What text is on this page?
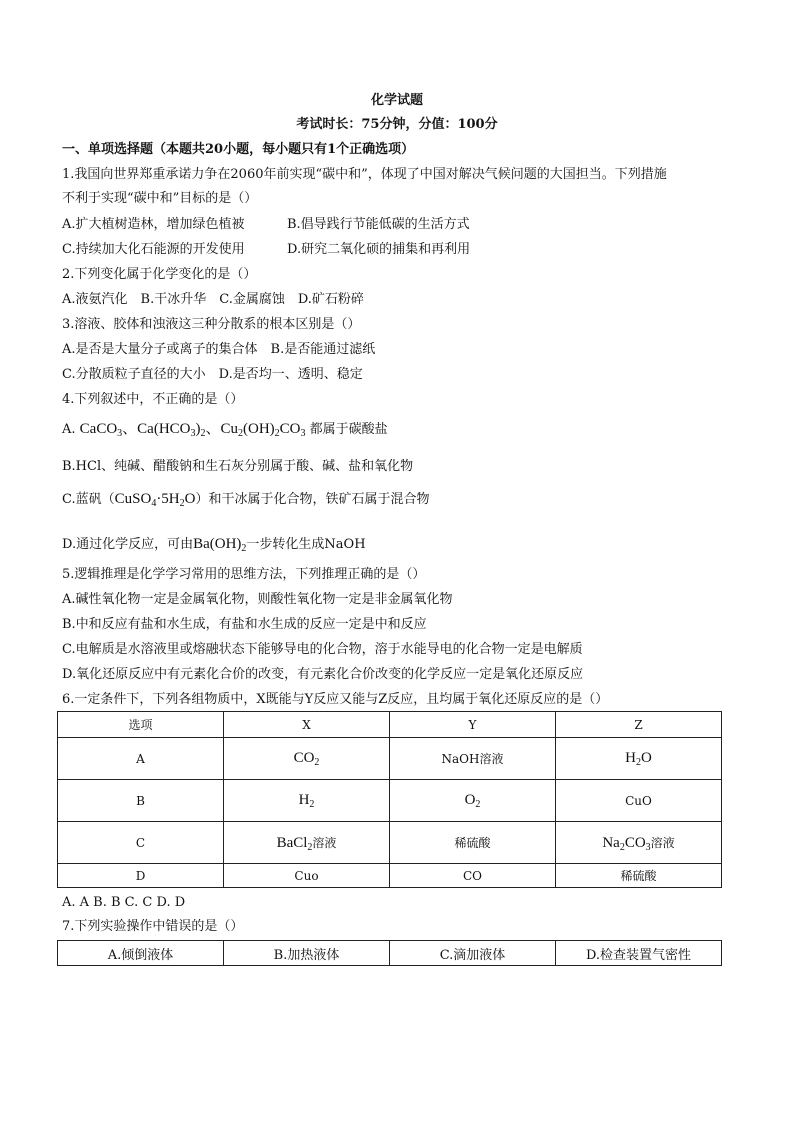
化学试题
考试时长：75分钟，分值：100分
一、单项选择题（本题共20小题，每小题只有1个正确选项）
1.我国向世界郑重承诺力争在2060年前实现“碳中和”，体现了中国对解决气候问题的大国担当。下列措施
不利于实现“碳中和”目标的是（）
A.扩大植树造林，增加绿色植被	B.倡导践行节能低碳的生活方式
C.持续加大化石能源的开发使用	D.研究二氧化硕的捕集和再利用
2.下列变化属于化学变化的是（）
A.液氨汽化　B.干冰升华　C.金属腐蚀　D.矿石粉碎
3.溶液、胶体和浊液这三种分散系的根本区别是（）
A.是否是大量分子或离子的集合体　B.是否能通过滤纸
C.分散质粒子直径的大小　D.是否均一、透明、稳定
4.下列叙述中，不正确的是（）
A. CaCO$_3$、$Ca(HCO_3)_2$、$Cu_2(OH)_2CO_3$ 都属于碳酸盐
B.HCl、纯碱、醋酸钠和生石灰分别属于酸、碱、盐和氧化物
C.蓝矾$(CuSO_4\cdot 5H_2O)$和干冰属于化合物，铁矿石属于混合物
D.通过化学反应，可由$Ba(OH)_2$一步转化生成NaOH
5.逻辑推理是化学学习常用的思维方法，下列推理正确的是（）
A.碱性氧化物一定是金属氧化物，则酸性氧化物一定是非金属氧化物
B.中和反应有盐和水生成，有盐和水生成的反应一定是中和反应
C.电解质是水溶液里或熔融状态下能够导电的化合物，溶于水能导电的化合物一定是电解质
D.氧化还原反应中有元素化合价的改变，有元素化合价改变的化学反应一定是氧化还原反应
6.一定条件下，下列各组物质中，X既能与Y反应又能与Z反应，且均属于氧化还原反应的是（）
选项	X	Y	Z
A	$CO_2$	NaOH溶液	$H_2O$
B	$H_2$	$O_2$	CuO
C	BaCl$_2$溶液	稀硫酸	$Na_2CO_3$溶液
D	Cuo	CO	稀硫酸
A. A B. B C. C D. D
7.下列实验操作中错误的是（）
A.倾倒液体	B.加热液体	C.滴加液体	D.检查装置气密性
